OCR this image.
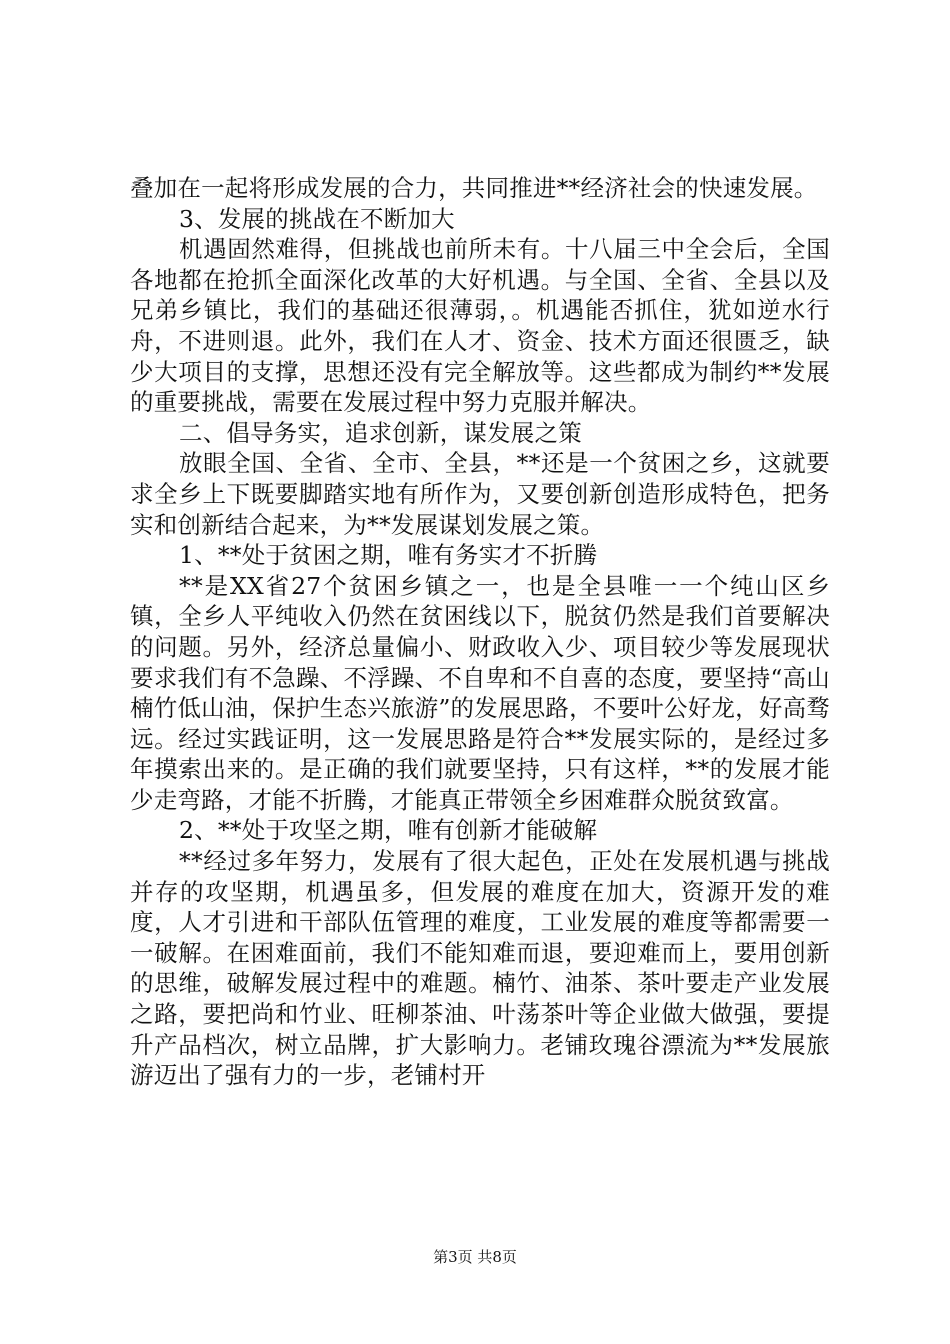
叠加在一起将形成发展的合力，共同推进**经济社会的快速发展。

3、发展的挑战在不断加大

机遇固然难得，但挑战也前所未有。十八届三中全会后，全国各地都在抢抓全面深化改革的大好机遇。与全国、全省、全县以及兄弟乡镇比，我们的基础还很薄弱，。机遇能否抓住，犹如逆水行舟，不进则退。此外，我们在人才、资金、技术方面还很匮乏，缺少大项目的支撑，思想还没有完全解放等。这些都成为制约**发展的重要挑战，需要在发展过程中努力克服并解决。

二、倡导务实，追求创新，谋发展之策

放眼全国、全省、全市、全县，**还是一个贫困之乡，这就要求全乡上下既要脚踏实地有所作为，又要创新创造形成特色，把务实和创新结合起来，为**发展谋划发展之策。

1、**处于贫困之期，唯有务实才不折腾

**是XX省27个贫困乡镇之一，也是全县唯一一个纯山区乡镇，全乡人平纯收入仍然在贫困线以下，脱贫仍然是我们首要解决的问题。另外，经济总量偏小、财政收入少、项目较少等发展现状要求我们有不急躁、不浮躁、不自卑和不自喜的态度，要坚持“高山楠竹低山油，保护生态兴旅游”的发展思路，不要叶公好龙，好高骛远。经过实践证明，这一发展思路是符合**发展实际的，是经过多年摸索出来的。是正确的我们就要坚持，只有这样，**的发展才能少走弯路，才能不折腾，才能真正带领全乡困难群众脱贫致富。

2、**处于攻坚之期，唯有创新才能破解

**经过多年努力，发展有了很大起色，正处在发展机遇与挑战并存的攻坚期，机遇虽多，但发展的难度在加大，资源开发的难度，人才引进和干部队伍管理的难度，工业发展的难度等都需要一一破解。在困难面前，我们不能知难而退，要迎难而上，要用创新的思维，破解发展过程中的难题。楠竹、油茶、茶叶要走产业发展之路，要把尚和竹业、旺柳茶油、叶荡茶叶等企业做大做强，要提升产品档次，树立品牌，扩大影响力。老铺玫瑰谷漂流为**发展旅游迈出了强有力的一步，老铺村开

第3页 共8页
